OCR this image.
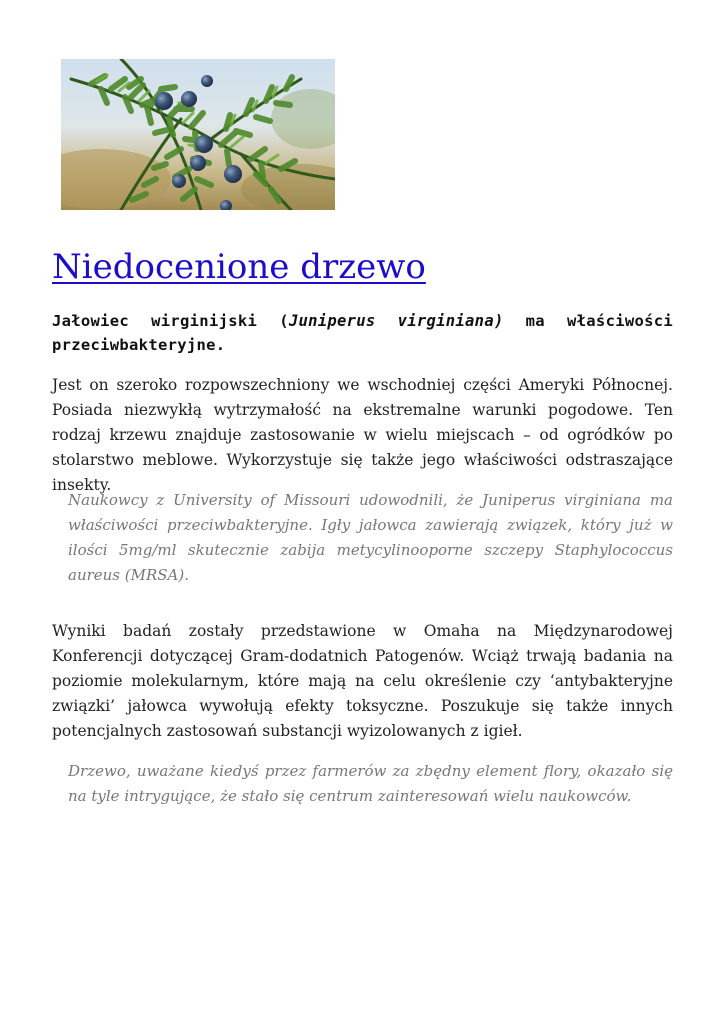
Niedocenione drzewo

Jałowiec wirginijski (Juniperus virginiana) ma właściwości przeciwbakteryjne.

Jest on szeroko rozpowszechniony we wschodniej części Ameryki Północnej. Posiada niezwykłą wytrzymałość na ekstremalne warunki pogodowe. Ten rodzaj krzewu znajduje zastosowanie w wielu miejscach – od ogródków po stolarstwo meblowe. Wykorzystuje się także jego właściwości odstraszające insekty.

Naukowcy z University of Missouri udowodnili, że Juniperus virginiana ma właściwości przeciwbakteryjne. Igły jałowca zawierają związek, który już w ilości 5mg/ml skutecznie zabija metycylinooporne szczepy Staphylococcus aureus (MRSA).

Wyniki badań zostały przedstawione w Omaha na Międzynarodowej Konferencji dotyczącej Gram-dodatnich Patogenów. Wciąż trwają badania na poziomie molekularnym, które mają na celu określenie czy ‘antybakteryjne związki’ jałowca wywołują efekty toksyczne. Poszukuje się także innych potencjalnych zastosowań substancji wyizolowanych z igieł.

Drzewo, uważane kiedyś przez farmerów za zbędny element flory, okazało się na tyle intrygujące, że stało się centrum zainteresowań wielu naukowców.
